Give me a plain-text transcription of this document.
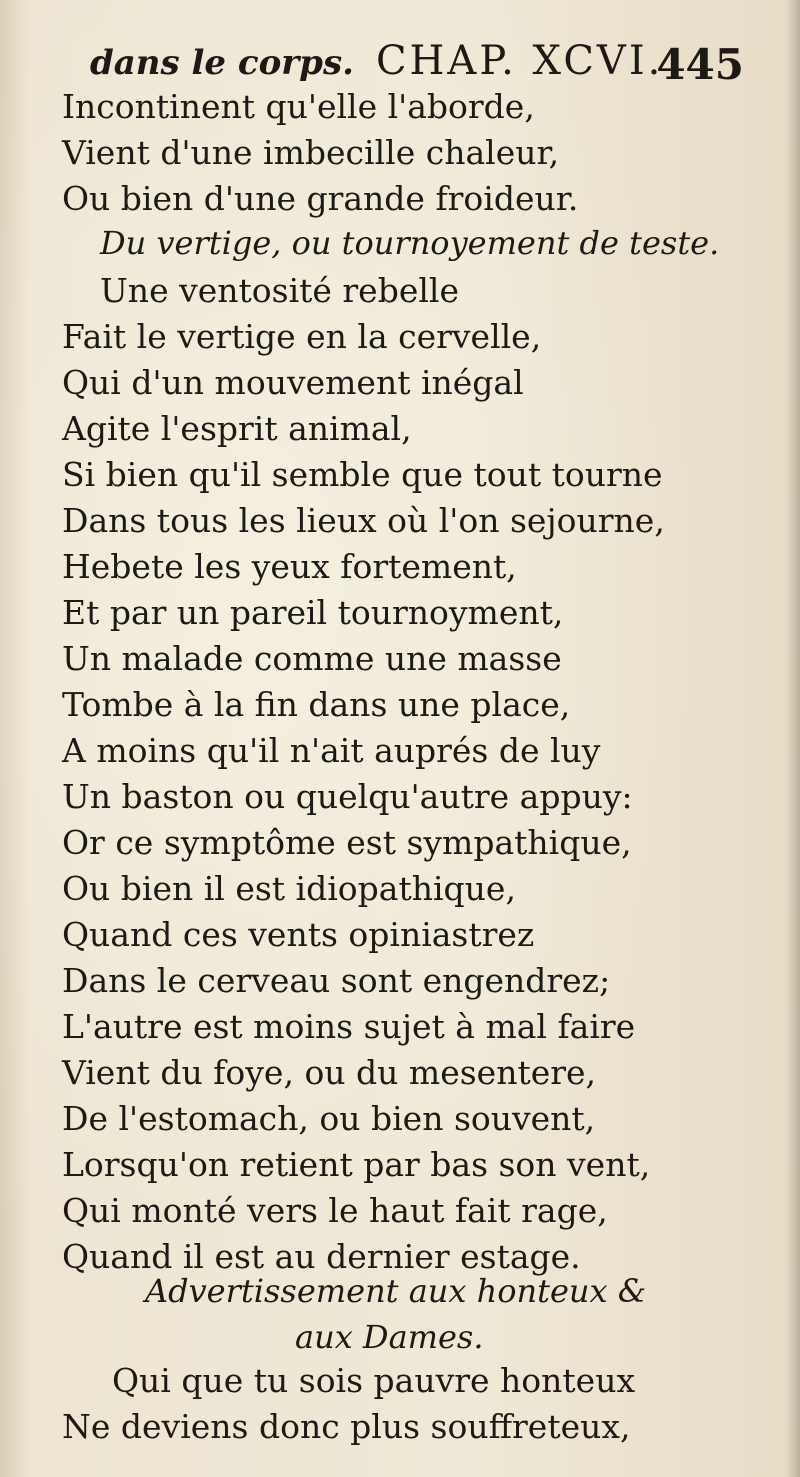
dans le corps. CHAP. XCVI.
445
Incontinent qu'elle l'aborde,
Vient d'une imbecille chaleur,
Ou bien d'une grande froideur.
Du vertige, ou tournoyement de teste.
Une ventosité rebelle
Fait le vertige en la cervelle,
Qui d'un mouvement inégal
Agite l'esprit animal,
Si bien qu'il semble que tout tourne
Dans tous les lieux où l'on sejourne,
Hebete les yeux fortement,
Et par un pareil tournoyment,
Un malade comme une masse
Tombe à la fin dans une place,
A moins qu'il n'ait auprés de luy
Un baston ou quelqu'autre appuy:
Or ce symptôme est sympathique,
Ou bien il est idiopathique,
Quand ces vents opiniastrez
Dans le cerveau sont engendrez;
L'autre est moins sujet à mal faire
Vient du foye, ou du mesentere,
De l'estomach, ou bien souvent,
Lorsqu'on retient par bas son vent,
Qui monté vers le haut fait rage,
Quand il est au dernier estage.
Advertissement aux honteux &
aux Dames.
Qui que tu sois pauvre honteux
Ne deviens donc plus souffreteux,
